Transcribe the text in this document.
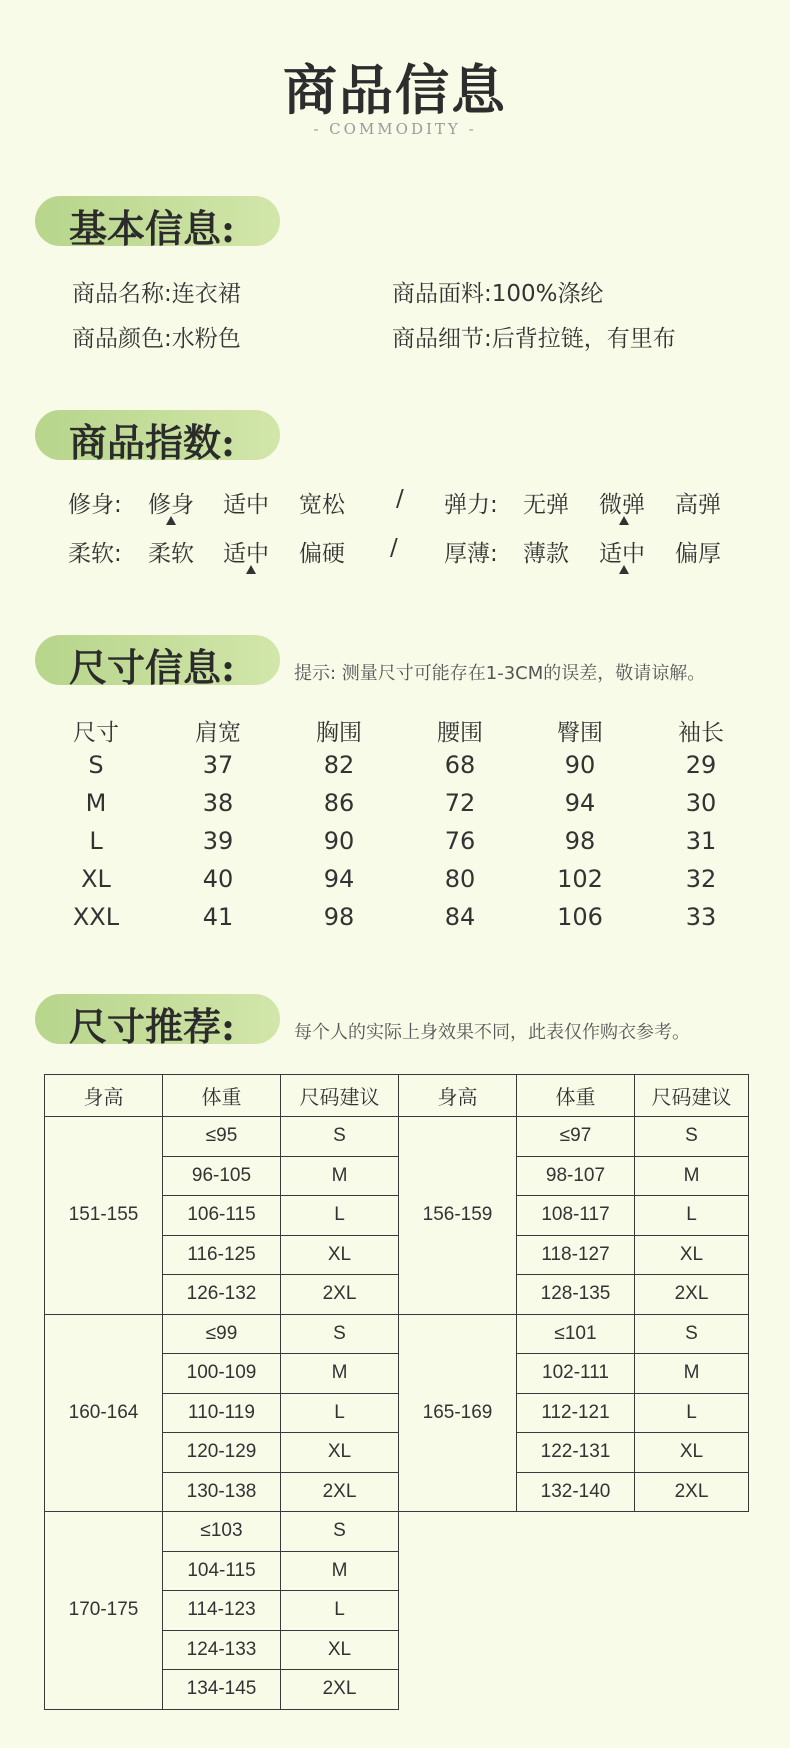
商品信息
- COMMODITY -
基本信息:
商品名称:连衣裙	商品面料:100%涤纶
商品颜色:水粉色	商品细节:后背拉链，有里布
商品指数:
修身: 修身 适中 宽松 / 弹力: 无弹 微弹 高弹
柔软: 柔软 适中 偏硬 / 厚薄: 薄款 适中 偏厚
尺寸信息:	提示: 测量尺寸可能存在1-3CM的误差，敬请谅解。
尺寸	肩宽	胸围	腰围	臀围	袖长
S	37	82	68	90	29
M	38	86	72	94	30
L	39	90	76	98	31
XL	40	94	80	102	32
XXL	41	98	84	106	33
尺寸推荐:	每个人的实际上身效果不同，此表仅作购衣参考。
身高	体重	尺码建议	身高	体重	尺码建议
151-155	≤95	S	156-159	≤97	S
	96-105	M		98-107	M
	106-115	L		108-117	L
	116-125	XL		118-127	XL
	126-132	2XL		128-135	2XL
160-164	≤99	S	165-169	≤101	S
	100-109	M		102-111	M
	110-119	L		112-121	L
	120-129	XL		122-131	XL
	130-138	2XL		132-140	2XL
170-175	≤103	S			
	104-115	M			
	114-123	L			
	124-133	XL			
	134-145	2XL			
